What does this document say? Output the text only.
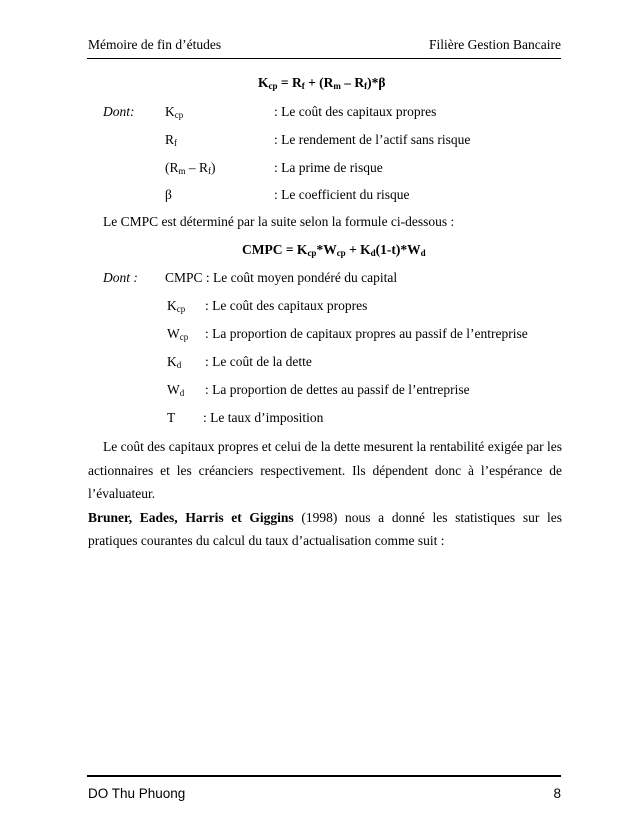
Mémoire de fin d’études	Filière Gestion Bancaire
$K_{cp} = R_f + (R_m - R_f)*\beta$
Dont: $K_{cp}$	: Le coût des capitaux propres
$R_f$	: Le rendement de l’actif sans risque
$(R_m - R_f)$	: La prime de risque
β	: Le coefficient du risque
Le CMPC est déterminé par la suite selon la formule ci-dessous :
CMPC = $K_{cp}*W_{cp} + K_d(1-t)*W_d$
Dont : CMPC : Le coût moyen pondéré du capital
$K_{cp}$ : Le coût des capitaux propres
$W_{cp}$ : La proportion de capitaux propres au passif de l’entreprise
$K_d$ : Le coût de la dette
$W_d$ : La proportion de dettes au passif de l’entreprise
T : Le taux d’imposition
Le coût des capitaux propres et celui de la dette mesurent la rentabilité exigée par les actionnaires et les créanciers respectivement. Ils dépendent donc à l’espérance de l’évaluateur.
Bruner, Eades, Harris et Giggins (1998) nous a donné les statistiques sur les pratiques courantes du calcul du taux d’actualisation comme suit :
DO Thu Phuong	8
